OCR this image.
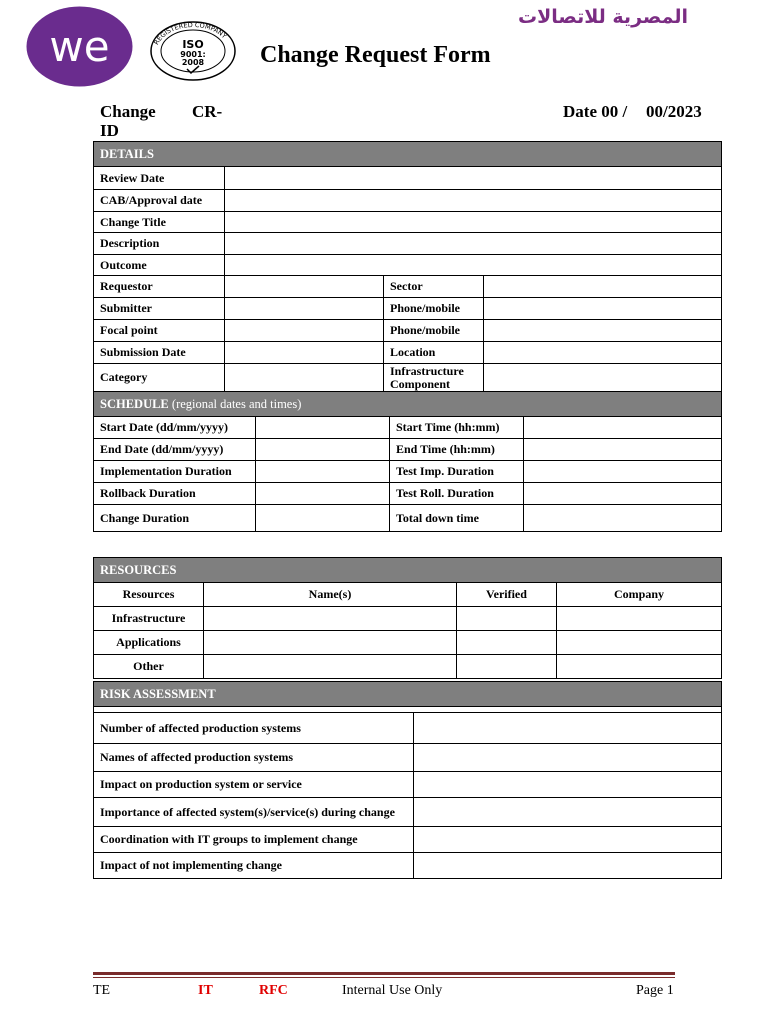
we	REGISTERED COMPANY
ISO
9001:
2008
المصرية للاتصالات
Change Request Form
Change
ID
CR-	Date 00 / 00/2023
DETAILS			
Review Date			
CAB/Approval date			
Change Title			
Description			
Outcome			
Requestor		Sector	
Submitter		Phone/mobile	
Focal point		Phone/mobile	
Submission Date		Location	
Category		Infrastructure Component	
SCHEDULE (regional dates and times)			
Start Date (dd/mm/yyyy)		Start Time (hh:mm)	
End Date (dd/mm/yyyy)		End Time (hh:mm)	
Implementation Duration		Test Imp. Duration	
Rollback Duration		Test Roll. Duration	
Change Duration		Total down time	
RESOURCES			
Resources	Name(s)	Verified	Company
Infrastructure			
Applications			
Other			
RISK ASSESSMENT	

Number of affected production systems	
Names of affected production systems	
Impact on production system or service	
Importance of affected system(s)/service(s) during change	
Coordination with IT groups to implement change	
Impact of not implementing change	
TE	IT	RFC	Internal Use Only	Page 1
